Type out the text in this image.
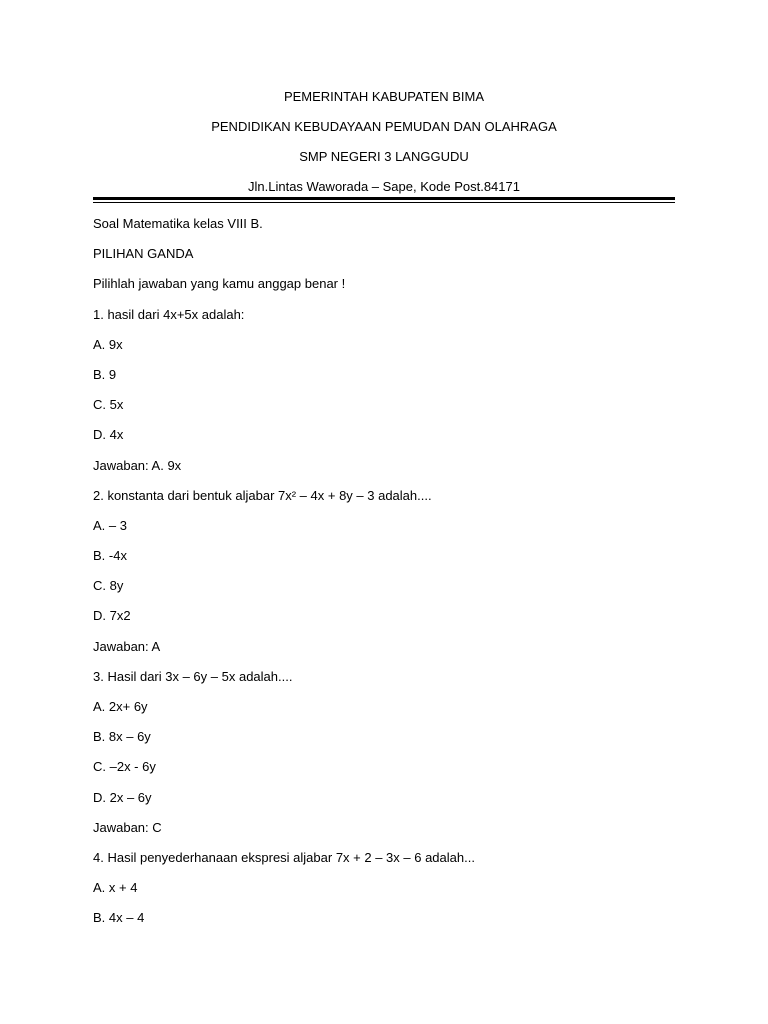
PEMERINTAH KABUPATEN BIMA
PENDIDIKAN KEBUDAYAAN PEMUDAN DAN OLAHRAGA
SMP NEGERI 3 LANGGUDU
Jln.Lintas Waworada – Sape, Kode Post.84171
Soal Matematika kelas VIII B.
PILIHAN GANDA
Pilihlah jawaban yang kamu anggap benar !
1. hasil dari 4x+5x adalah:
A. 9x
B. 9
C. 5x
D. 4x
Jawaban: A. 9x
2. konstanta dari bentuk aljabar 7x² – 4x + 8y – 3 adalah....
A. – 3
B. -4x
C. 8y
D. 7x2
Jawaban: A
3. Hasil dari 3x – 6y – 5x adalah....
A. 2x+ 6y
B. 8x – 6y
C. –2x - 6y
D. 2x – 6y
Jawaban: C
4. Hasil penyederhanaan ekspresi aljabar 7x + 2 – 3x – 6 adalah...
A. x + 4
B. 4x – 4
